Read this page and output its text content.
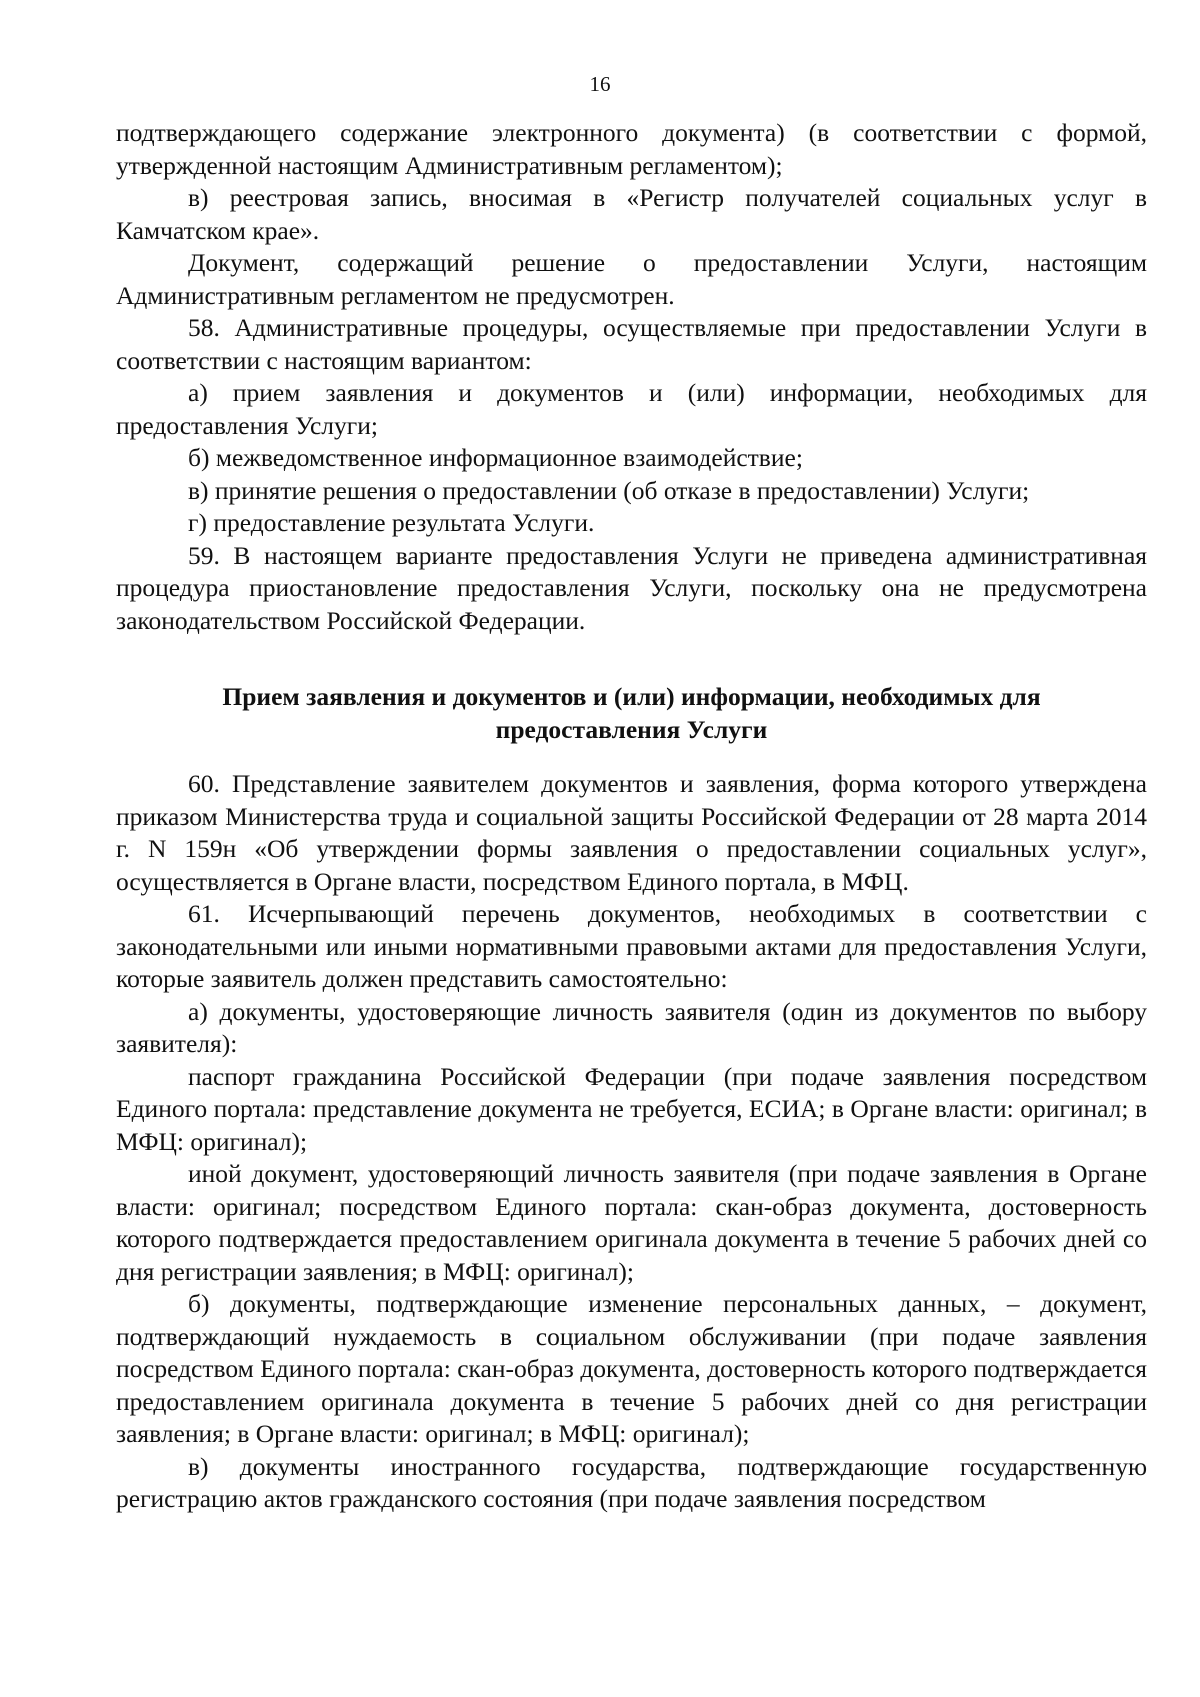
16

подтверждающего содержание электронного документа) (в соответствии с формой, утвержденной настоящим Административным регламентом);

в) реестровая запись, вносимая в «Регистр получателей социальных услуг в Камчатском крае».

Документ, содержащий решение о предоставлении Услуги, настоящим Административным регламентом не предусмотрен.

58. Административные процедуры, осуществляемые при предоставлении Услуги в соответствии с настоящим вариантом:

а) прием заявления и документов и (или) информации, необходимых для предоставления Услуги;

б) межведомственное информационное взаимодействие;

в) принятие решения о предоставлении (об отказе в предоставлении) Услуги;

г) предоставление результата Услуги.

59. В настоящем варианте предоставления Услуги не приведена административная процедура приостановление предоставления Услуги, поскольку она не предусмотрена законодательством Российской Федерации.

Прием заявления и документов и (или) информации, необходимых для предоставления Услуги

60. Представление заявителем документов и заявления, форма которого утверждена приказом Министерства труда и социальной защиты Российской Федерации от 28 марта 2014 г. N 159н «Об утверждении формы заявления о предоставлении социальных услуг», осуществляется в Органе власти, посредством Единого портала, в МФЦ.

61. Исчерпывающий перечень документов, необходимых в соответствии с законодательными или иными нормативными правовыми актами для предоставления Услуги, которые заявитель должен представить самостоятельно:

а) документы, удостоверяющие личность заявителя (один из документов по выбору заявителя):

паспорт гражданина Российской Федерации (при подаче заявления посредством Единого портала: представление документа не требуется, ЕСИА; в Органе власти: оригинал; в МФЦ: оригинал);

иной документ, удостоверяющий личность заявителя (при подаче заявления в Органе власти: оригинал; посредством Единого портала: скан-образ документа, достоверность которого подтверждается предоставлением оригинала документа в течение 5 рабочих дней со дня регистрации заявления; в МФЦ: оригинал);

б) документы, подтверждающие изменение персональных данных, – документ, подтверждающий нуждаемость в социальном обслуживании (при подаче заявления посредством Единого портала: скан-образ документа, достоверность которого подтверждается предоставлением оригинала документа в течение 5 рабочих дней со дня регистрации заявления; в Органе власти: оригинал; в МФЦ: оригинал);

в) документы иностранного государства, подтверждающие государственную регистрацию актов гражданского состояния (при подаче заявления посредством
